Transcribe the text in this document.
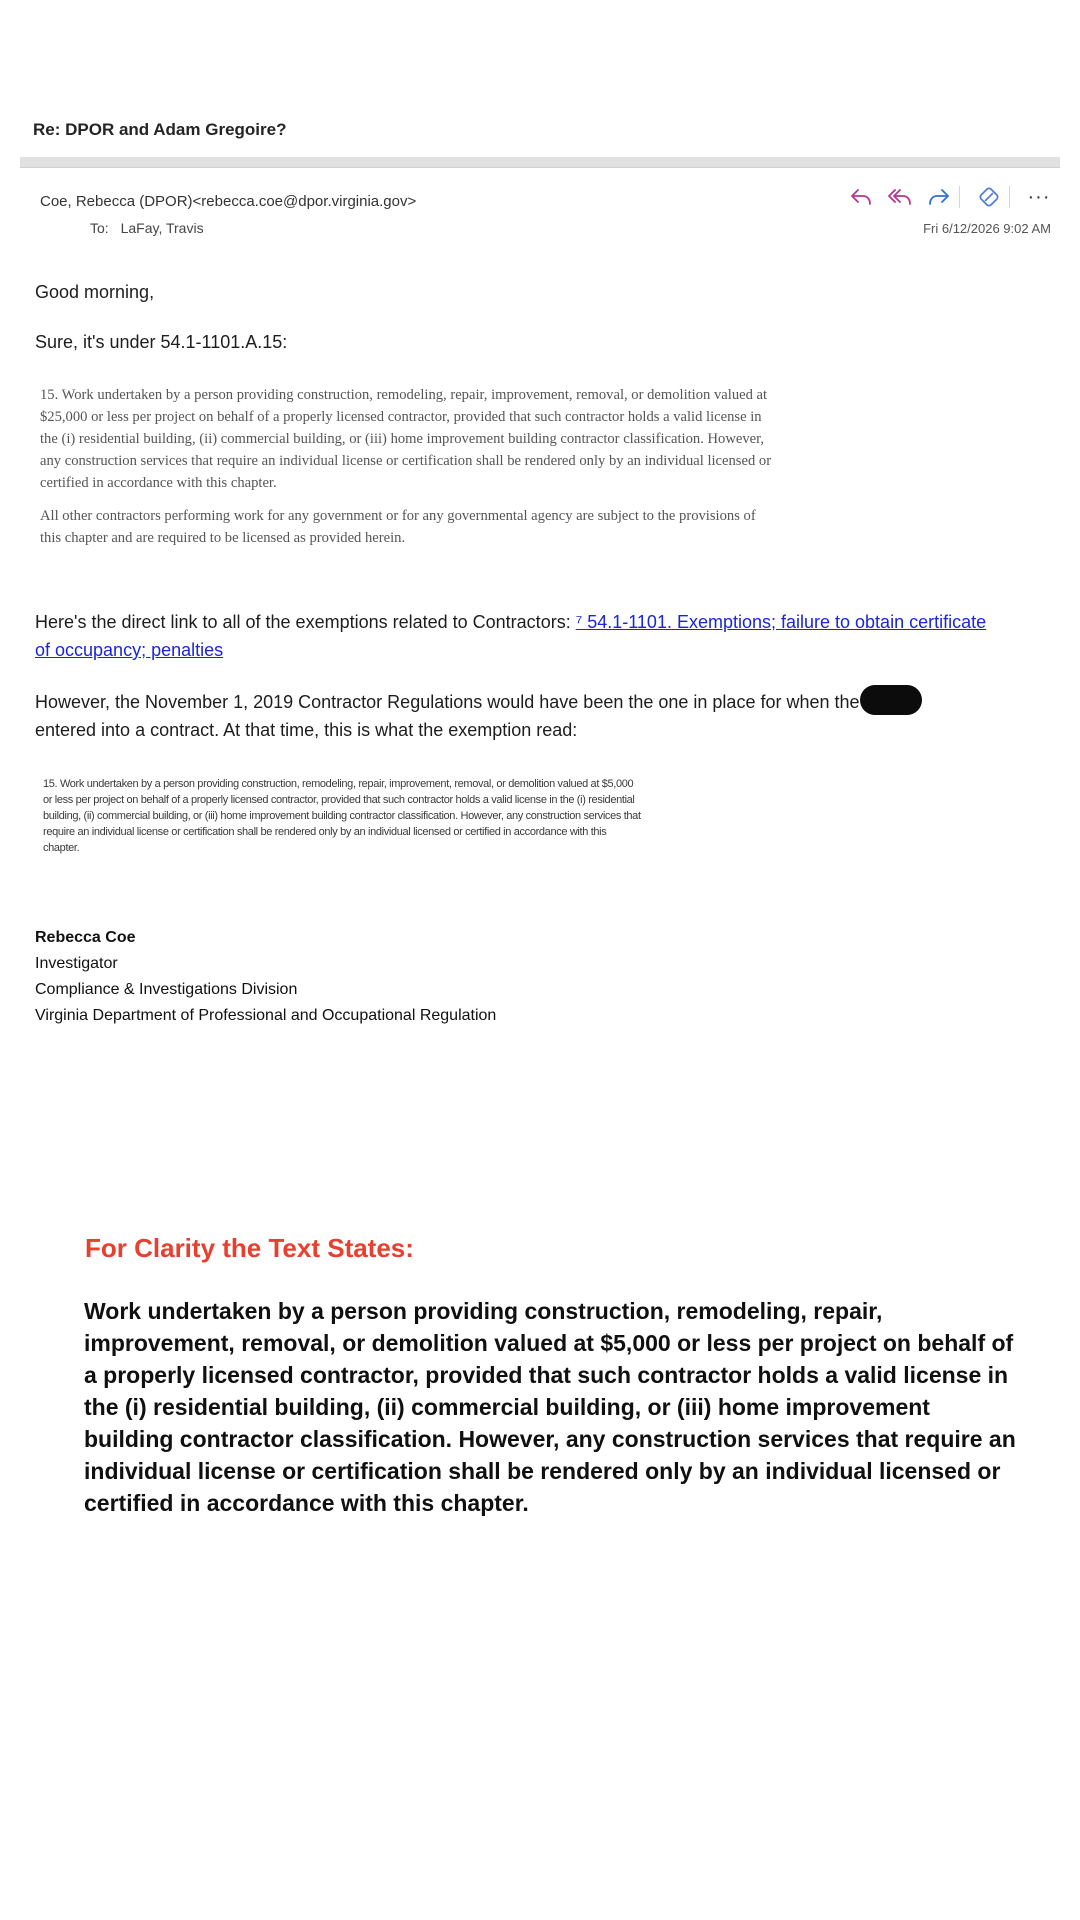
Re: DPOR and Adam Gregoire?
Coe, Rebecca (DPOR)<rebecca.coe@dpor.virginia.gov>
To: LaFay, Travis	Fri 6/12/2026 9:02 AM
···
Good morning,
Sure, it's under 54.1-1101.A.15:

15. Work undertaken by a person providing construction, remodeling, repair, improvement, removal, or demolition valued at $25,000 or less per project on behalf of a properly licensed contractor, provided that such contractor holds a valid license in the (i) residential building, (ii) commercial building, or (iii) home improvement building contractor classification. However, any construction services that require an individual license or certification shall be rendered only by an individual licensed or certified in accordance with this chapter.

All other contractors performing work for any government or for any governmental agency are subject to the provisions of this chapter and are required to be licensed as provided herein.

Here's the direct link to all of the exemptions related to Contractors: ⁷ 54.1-1101. Exemptions; failure to obtain certificate of occupancy; penalties
However, the November 1, 2019 Contractor Regulations would have been the one in place for when the
entered into a contract. At that time, this is what the exemption read:
15. Work undertaken by a person providing construction, remodeling, repair, improvement, removal, or demolition valued at $5,000 or less per project on behalf of a properly licensed contractor, provided that such contractor holds a valid license in the (i) residential building, (ii) commercial building, or (iii) home improvement building contractor classification. However, any construction services that require an individual license or certification shall be rendered only by an individual licensed or certified in accordance with this chapter.
Rebecca Coe
Investigator
Compliance & Investigations Division
Virginia Department of Professional and Occupational Regulation
For Clarity the Text States:
Work undertaken by a person providing construction, remodeling, repair, improvement, removal, or demolition valued at $5,000 or less per project on behalf of a properly licensed contractor, provided that such contractor holds a valid license in the (i) residential building, (ii) commercial building, or (iii) home improvement building contractor classification. However, any construction services that require an individual license or certification shall be rendered only by an individual licensed or certified in accordance with this chapter.
